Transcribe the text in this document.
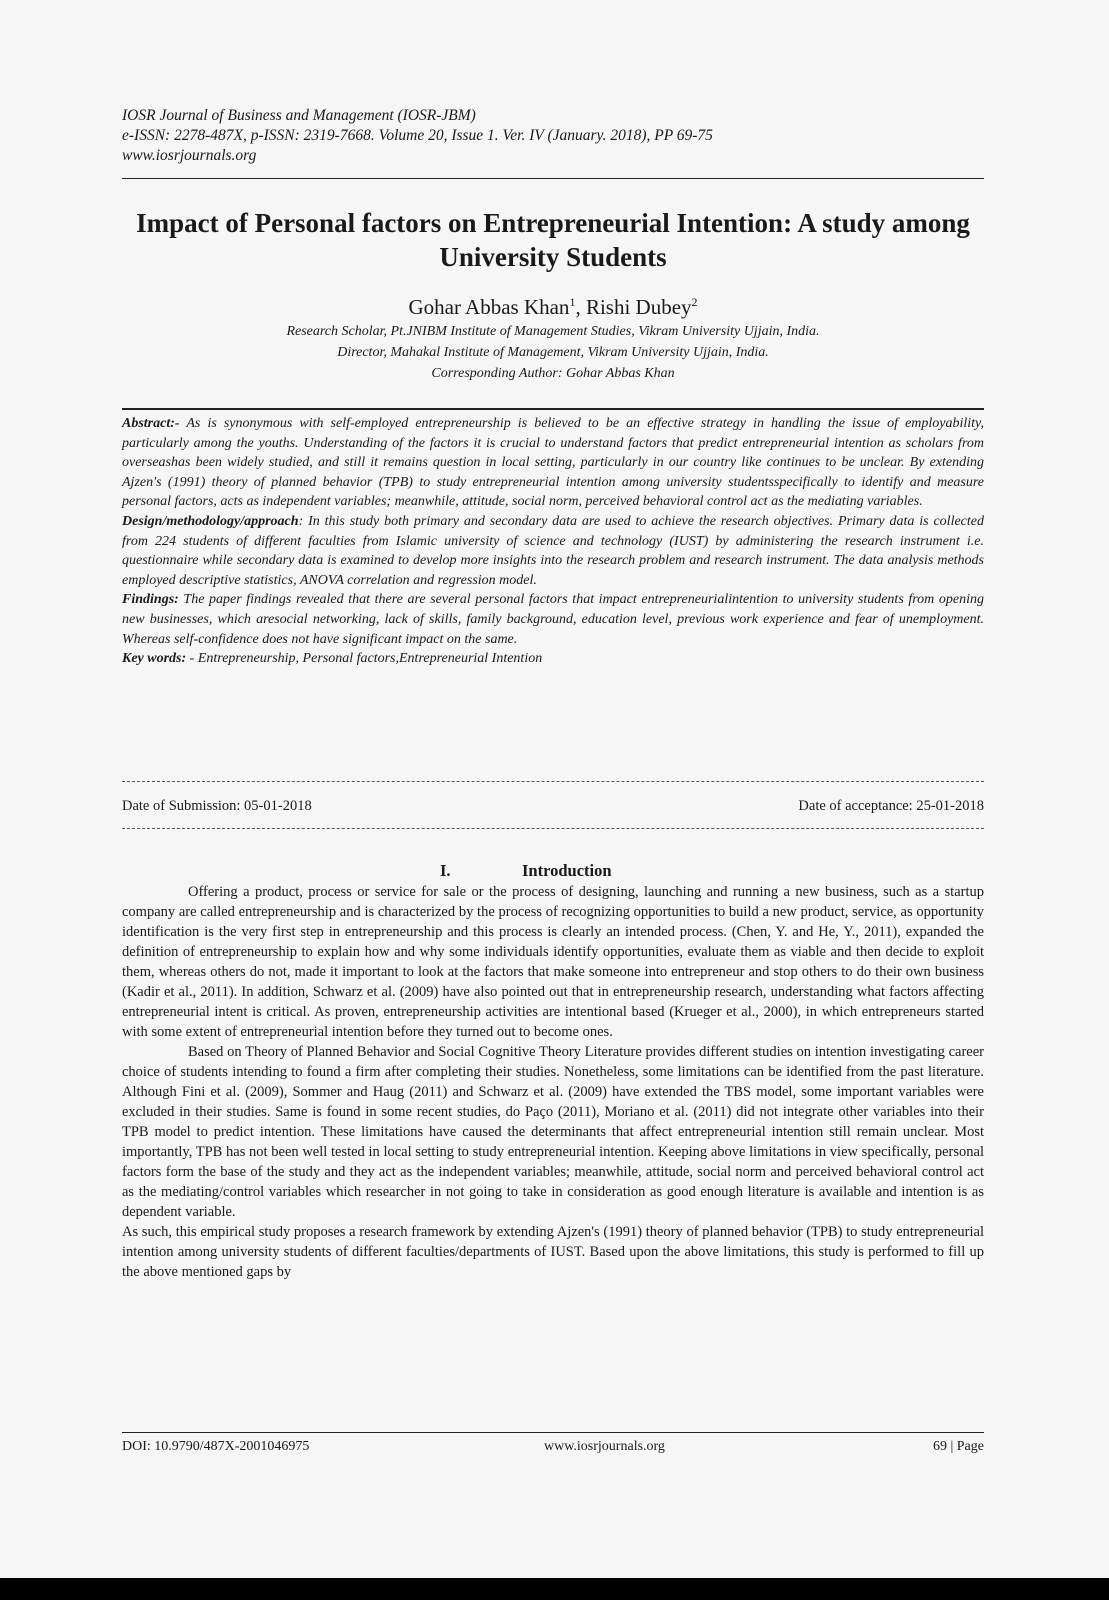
IOSR Journal of Business and Management (IOSR-JBM)
e-ISSN: 2278-487X, p-ISSN: 2319-7668. Volume 20, Issue 1. Ver. IV (January. 2018), PP 69-75
www.iosrjournals.org
Impact of Personal factors on Entrepreneurial Intention: A study among University Students
Gohar Abbas Khan$^1$, Rishi Dubey$^2$
Research Scholar, Pt.JNIBM Institute of Management Studies, Vikram University Ujjain, India.
Director, Mahakal Institute of Management, Vikram University Ujjain, India.
Corresponding Author: Gohar Abbas Khan

Abstract:- As is synonymous with self-employed entrepreneurship is believed to be an effective strategy in handling the issue of employability, particularly among the youths. Understanding of the factors it is crucial to understand factors that predict entrepreneurial intention as scholars from overseashas been widely studied, and still it remains question in local setting, particularly in our country like continues to be unclear. By extending Ajzen's (1991) theory of planned behavior (TPB) to study entrepreneurial intention among university studentsspecifically to identify and measure personal factors, acts as independent variables; meanwhile, attitude, social norm, perceived behavioral control act as the mediating variables.

Design/methodology/approach: In this study both primary and secondary data are used to achieve the research objectives. Primary data is collected from 224 students of different faculties from Islamic university of science and technology (IUST) by administering the research instrument i.e. questionnaire while secondary data is examined to develop more insights into the research problem and research instrument. The data analysis methods employed descriptive statistics, ANOVA correlation and regression model.

Findings: The paper findings revealed that there are several personal factors that impact entrepreneurialintention to university students from opening new businesses, which aresocial networking, lack of skills, family background, education level, previous work experience and fear of unemployment. Whereas self-confidence does not have significant impact on the same.

Key words: - Entrepreneurship, Personal factors,Entrepreneurial Intention

Date of Submission: 05-01-2018	Date of acceptance: 25-01-2018
I.	Introduction

Offering a product, process or service for sale or the process of designing, launching and running a new business, such as a startup company are called entrepreneurship and is characterized by the process of recognizing opportunities to build a new product, service, as opportunity identification is the very first step in entrepreneurship and this process is clearly an intended process. (Chen, Y. and He, Y., 2011), expanded the definition of entrepreneurship to explain how and why some individuals identify opportunities, evaluate them as viable and then decide to exploit them, whereas others do not, made it important to look at the factors that make someone into entrepreneur and stop others to do their own business (Kadir et al., 2011). In addition, Schwarz et al. (2009) have also pointed out that in entrepreneurship research, understanding what factors affecting entrepreneurial intent is critical. As proven, entrepreneurship activities are intentional based (Krueger et al., 2000), in which entrepreneurs started with some extent of entrepreneurial intention before they turned out to become ones.

Based on Theory of Planned Behavior and Social Cognitive Theory Literature provides different studies on intention investigating career choice of students intending to found a firm after completing their studies. Nonetheless, some limitations can be identified from the past literature. Although Fini et al. (2009), Sommer and Haug (2011) and Schwarz et al. (2009) have extended the TBS model, some important variables were excluded in their studies. Same is found in some recent studies, do Paço (2011), Moriano et al. (2011) did not integrate other variables into their TPB model to predict intention. These limitations have caused the determinants that affect entrepreneurial intention still remain unclear. Most importantly, TPB has not been well tested in local setting to study entrepreneurial intention. Keeping above limitations in view specifically, personal factors form the base of the study and they act as the independent variables; meanwhile, attitude, social norm and perceived behavioral control act as the mediating/control variables which researcher in not going to take in consideration as good enough literature is available and intention is as dependent variable.

As such, this empirical study proposes a research framework by extending Ajzen's (1991) theory of planned behavior (TPB) to study entrepreneurial intention among university students of different faculties/departments of IUST. Based upon the above limitations, this study is performed to fill up the above mentioned gaps by

DOI: 10.9790/487X-2001046975	www.iosrjournals.org	69 | Page
